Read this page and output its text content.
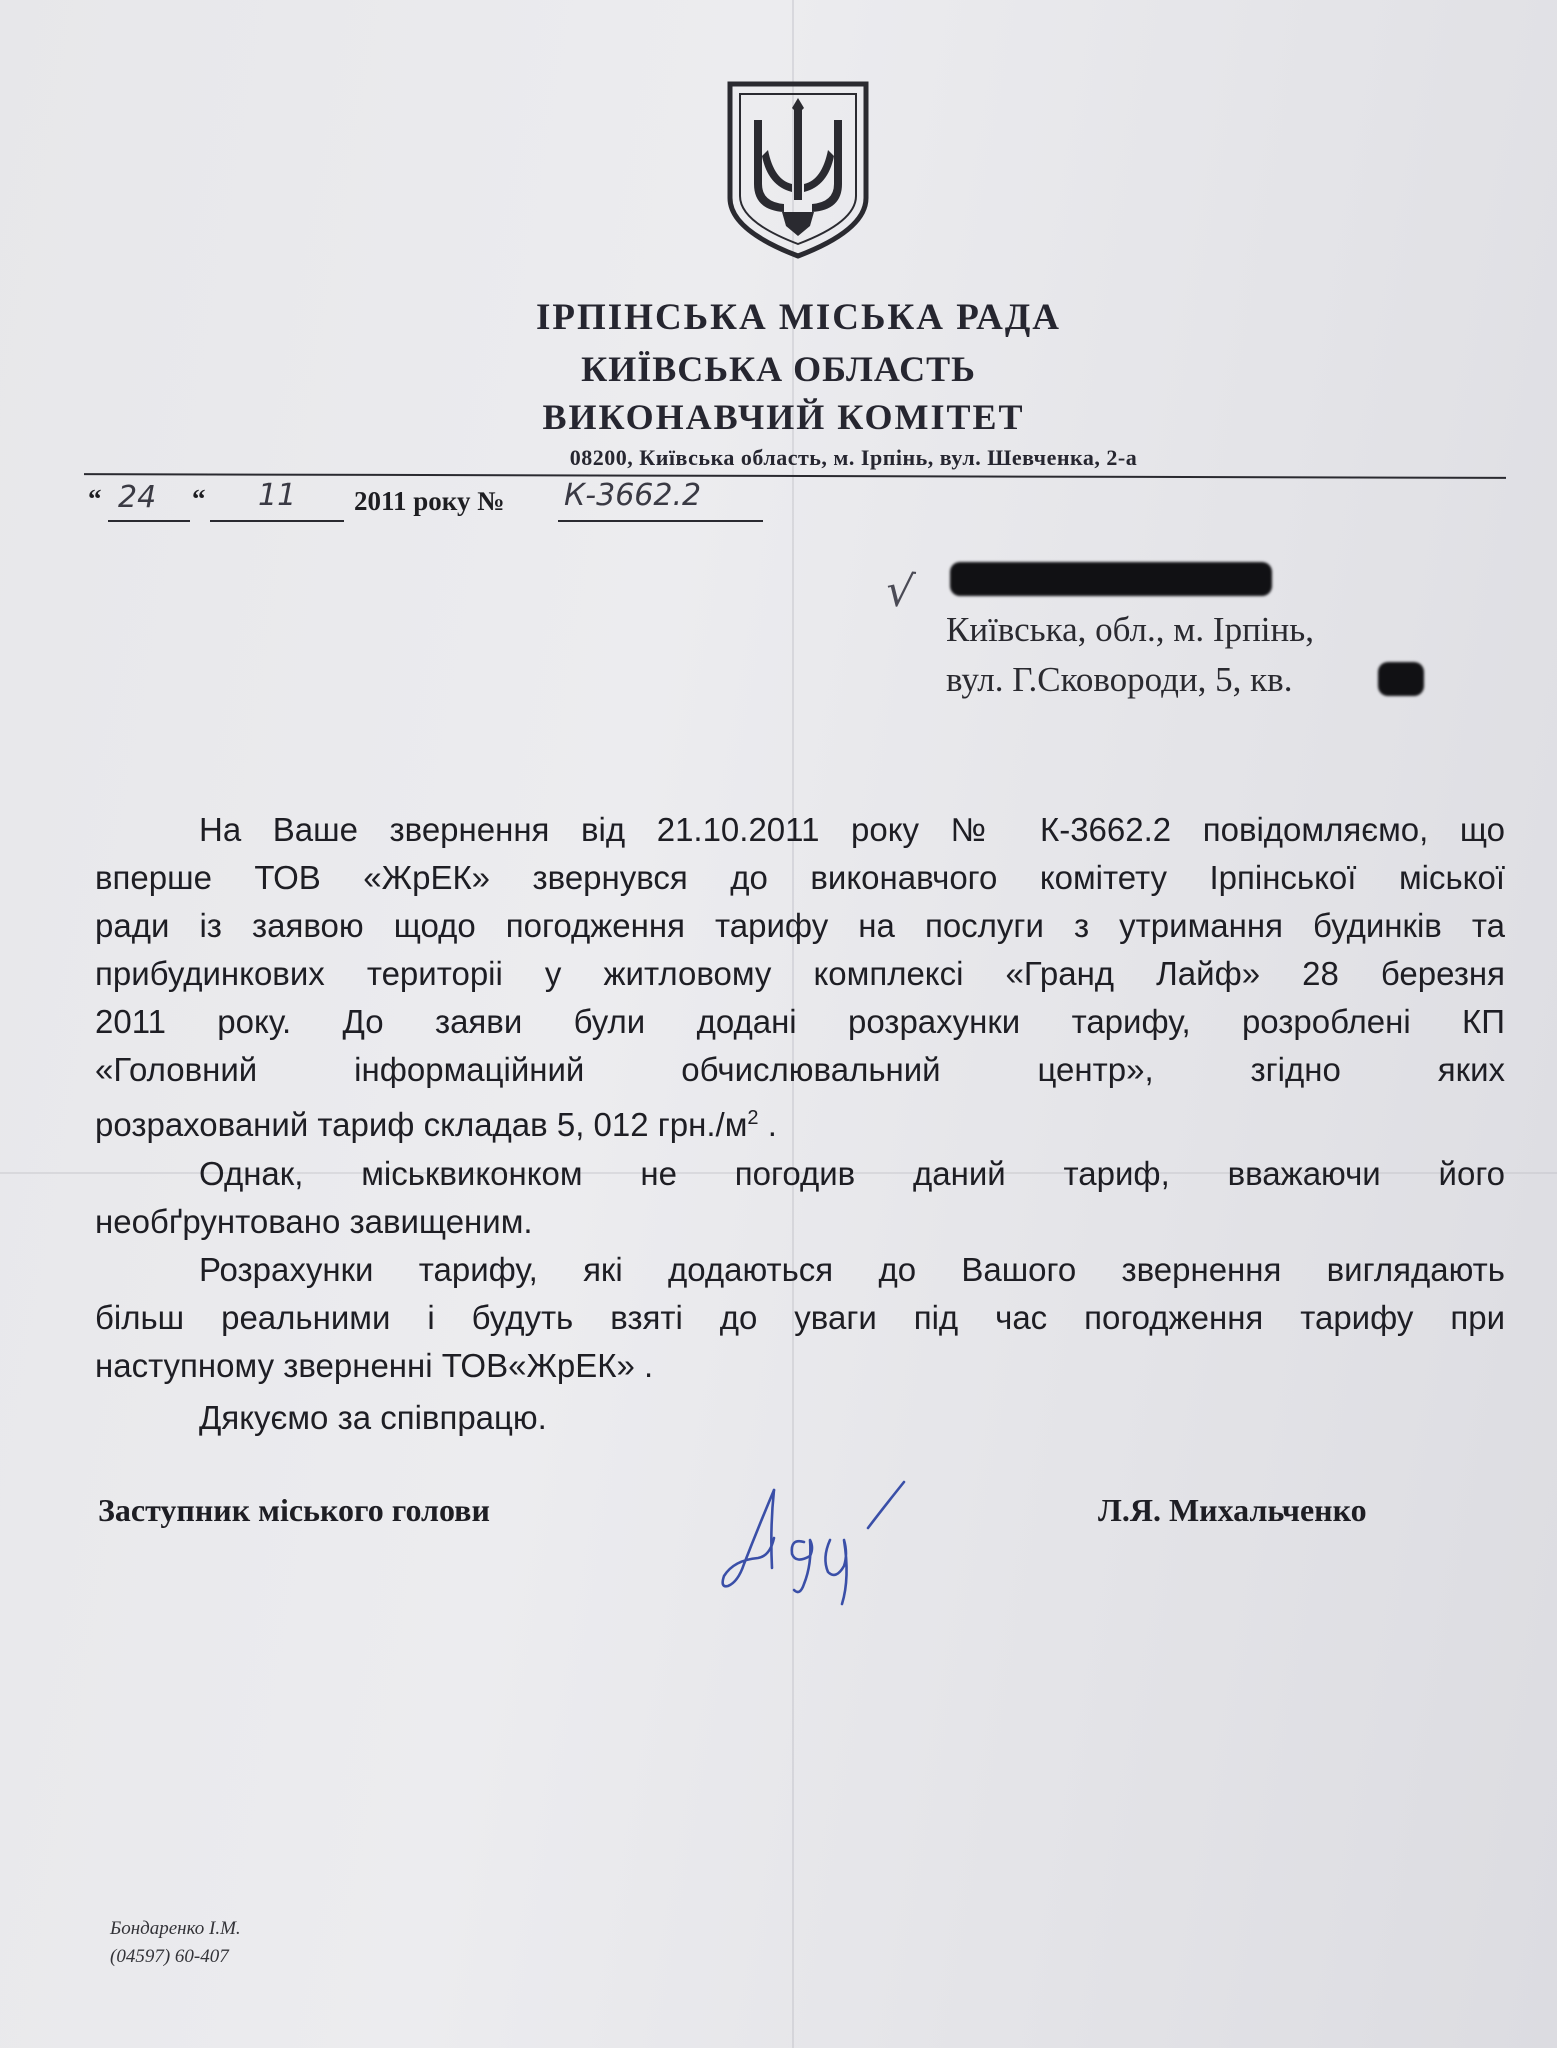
ІРПІНСЬКА МІСЬКА РАДА
КИЇВСЬКА ОБЛАСТЬ
ВИКОНАВЧИЙ КОМІТЕТ
08200, Київська область, м. Ірпінь, вул. Шевченка, 2-а
“ 24 “ 11 2011 року № К-3662.2
√
Київська, обл., м. Ірпінь,
вул. Г.Сковороди, 5, кв.
На Ваше звернення від 21.10.2011 року № К-3662.2 повідомляємо, що
вперше ТОВ «ЖрЕК» звернувся до виконавчого комітету Ірпінської міської
ради із заявою щодо погодження тарифу на послуги з утримання будинків та
прибудинкових територіі у житловому комплексі «Гранд Лайф» 28 березня
2011 року. До заяви були додані розрахунки тарифу, розроблені КП
«Головний інформаційний обчислювальний центр», згідно яких
розрахований тариф складав 5, 012 $грн./м^2$ .
Однак, міськвиконком не погодив даний тариф, вважаючи його
необґрунтовано завищеним.
Розрахунки тарифу, які додаються до Вашого звернення виглядають
більш реальними і будуть взяті до уваги під час погодження тарифу при
наступному зверненні ТОВ«ЖрЕК» .
Дякуємо за співпрацю.
Заступник міського голови	Л.Я. Михальченко
Бондаренко І.М.
(04597) 60-407
